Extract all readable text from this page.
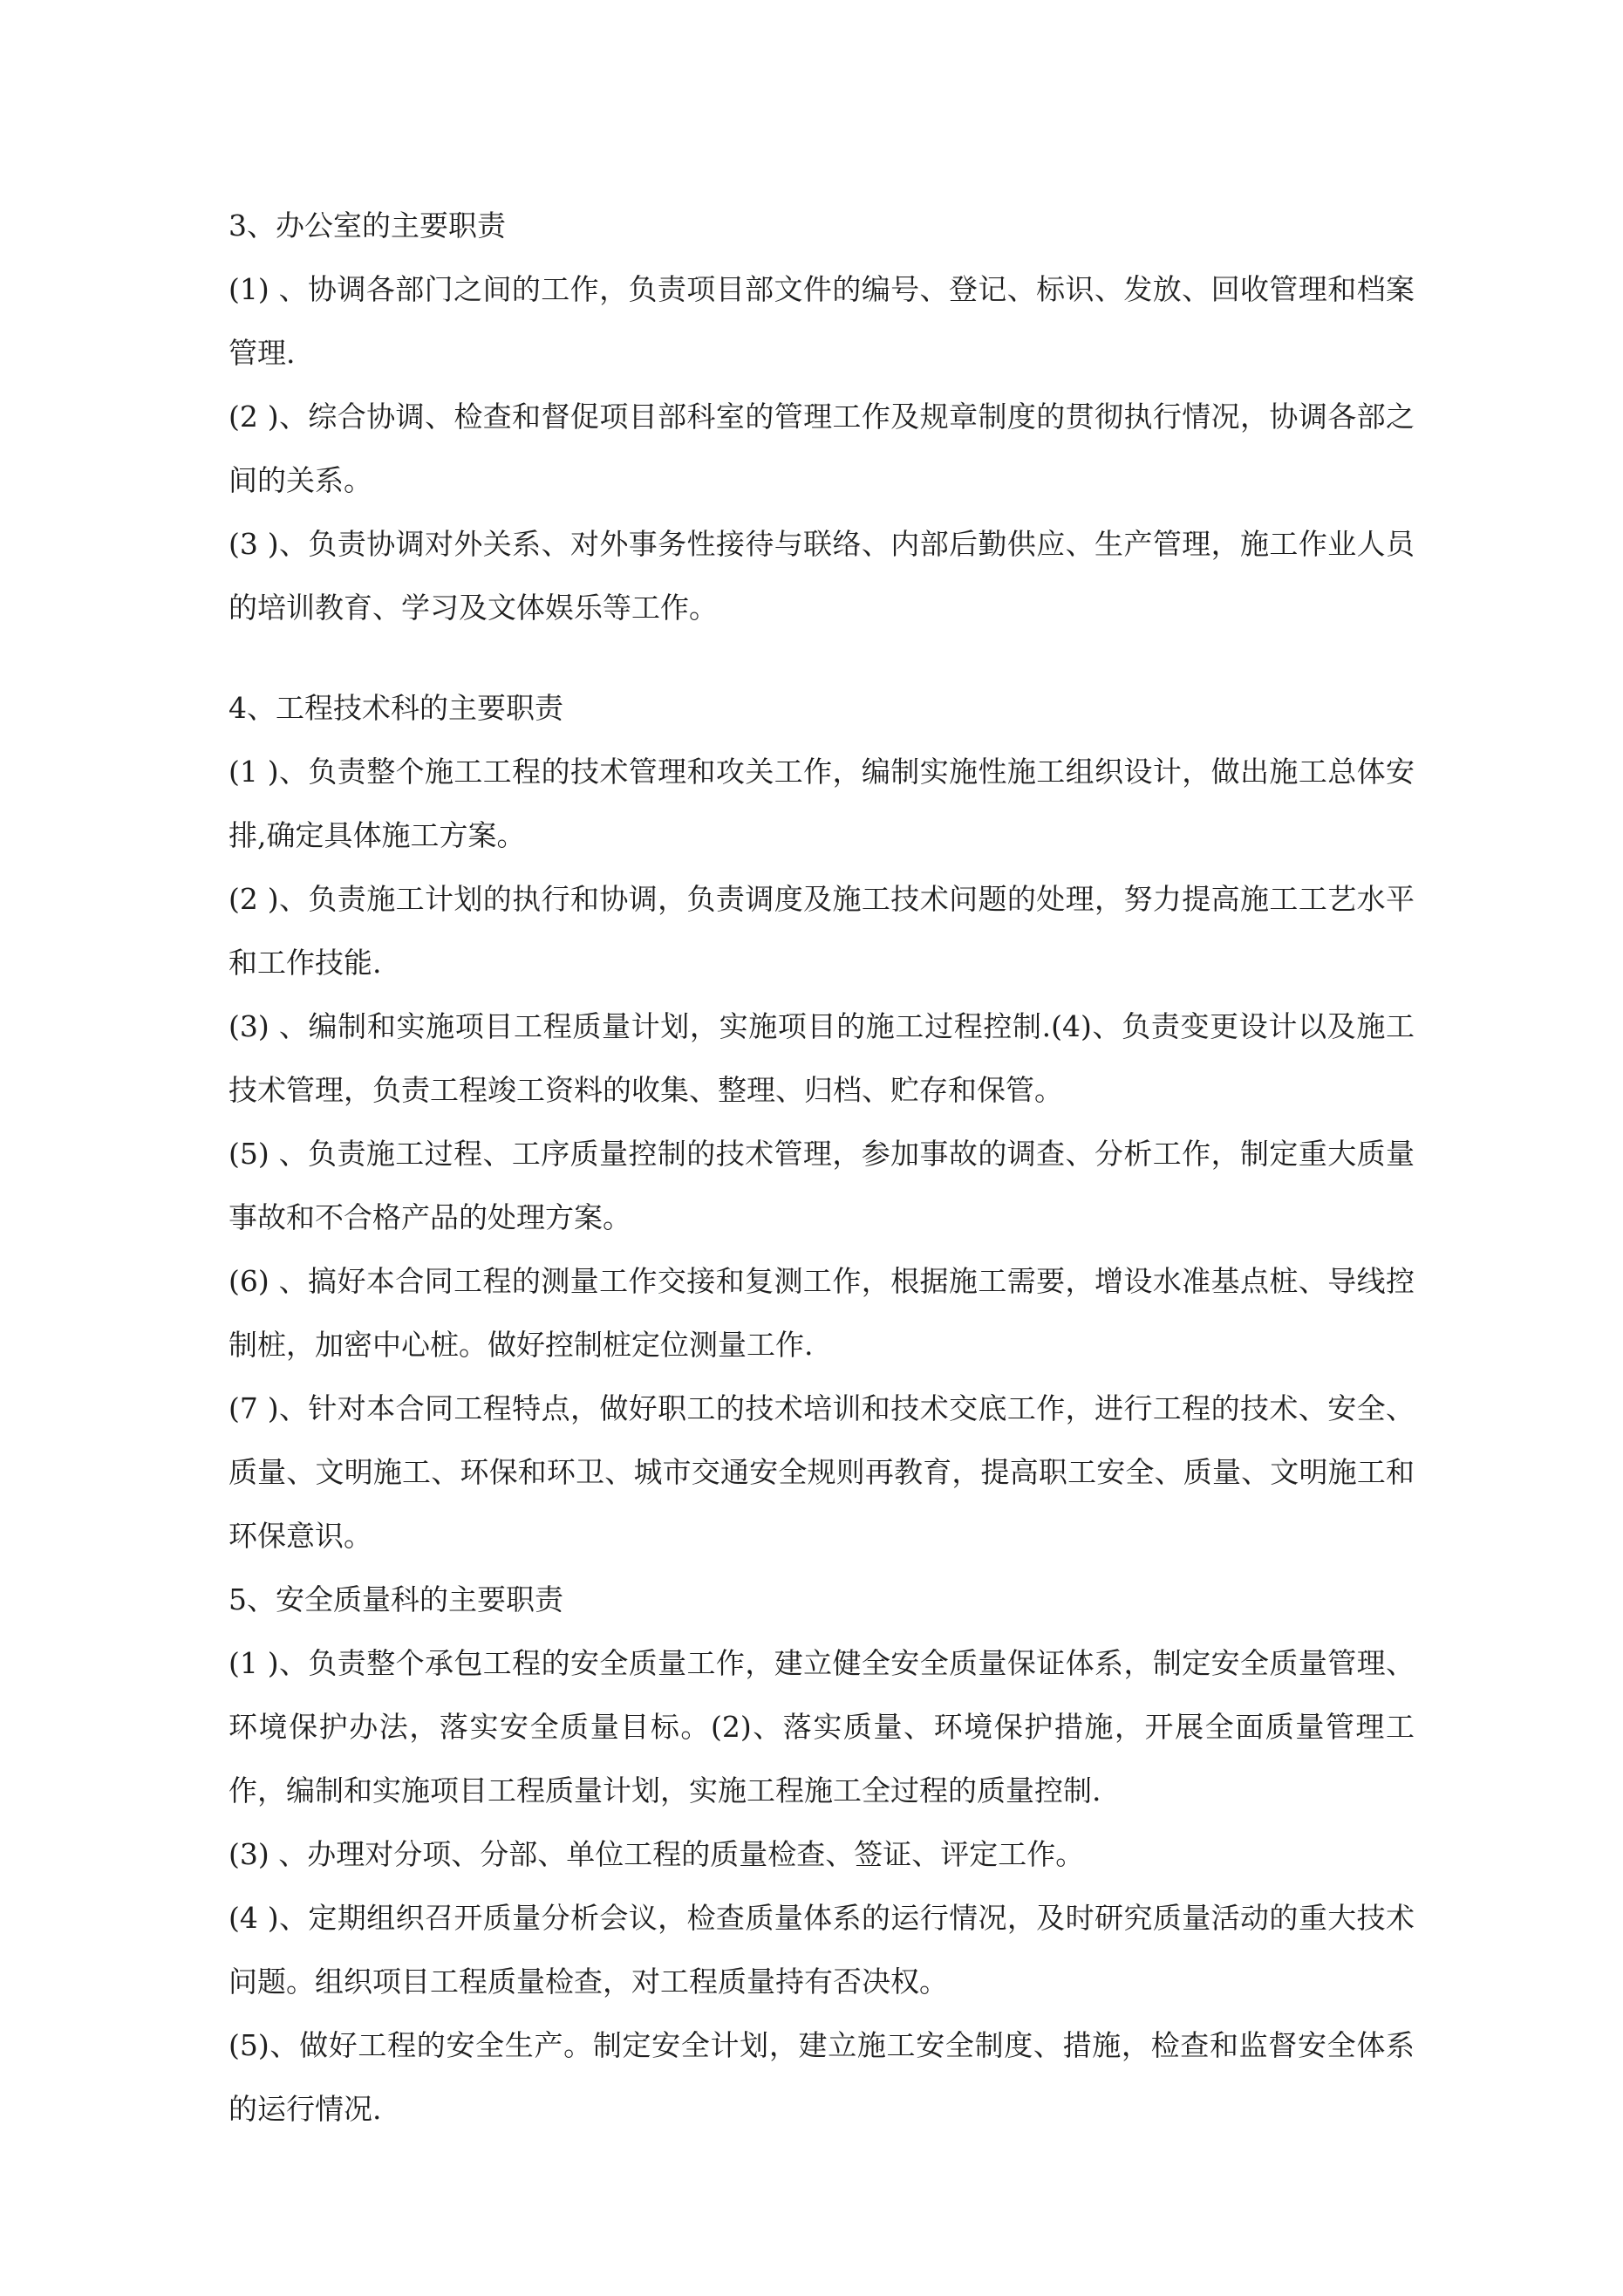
3、办公室的主要职责

(1) 、协调各部门之间的工作，负责项目部文件的编号、登记、标识、发放、回收管理和档案管理.

(2 )、综合协调、检查和督促项目部科室的管理工作及规章制度的贯彻执行情况，协调各部之间的关系。

(3 )、负责协调对外关系、对外事务性接待与联络、内部后勤供应、生产管理，施工作业人员的培训教育、学习及文体娱乐等工作。

4、工程技术科的主要职责

(1 )、负责整个施工工程的技术管理和攻关工作，编制实施性施工组织设计，做出施工总体安排,确定具体施工方案。

(2 )、负责施工计划的执行和协调，负责调度及施工技术问题的处理，努力提高施工工艺水平和工作技能.

(3) 、编制和实施项目工程质量计划，实施项目的施工过程控制.(4)、负责变更设计以及施工技术管理，负责工程竣工资料的收集、整理、归档、贮存和保管。

(5) 、负责施工过程、工序质量控制的技术管理，参加事故的调查、分析工作，制定重大质量事故和不合格产品的处理方案。

(6) 、搞好本合同工程的测量工作交接和复测工作，根据施工需要，增设水准基点桩、导线控制桩，加密中心桩。做好控制桩定位测量工作.

(7 )、针对本合同工程特点，做好职工的技术培训和技术交底工作，进行工程的技术、安全、质量、文明施工、环保和环卫、城市交通安全规则再教育，提高职工安全、质量、文明施工和环保意识。

5、安全质量科的主要职责

(1 )、负责整个承包工程的安全质量工作，建立健全安全质量保证体系，制定安全质量管理、环境保护办法，落实安全质量目标。(2)、落实质量、环境保护措施，开展全面质量管理工作，编制和实施项目工程质量计划，实施工程施工全过程的质量控制.

(3) 、办理对分项、分部、单位工程的质量检查、签证、评定工作。

(4 )、定期组织召开质量分析会议，检查质量体系的运行情况，及时研究质量活动的重大技术问题。组织项目工程质量检查，对工程质量持有否决权。

(5)、做好工程的安全生产。制定安全计划，建立施工安全制度、措施，检查和监督安全体系的运行情况.
